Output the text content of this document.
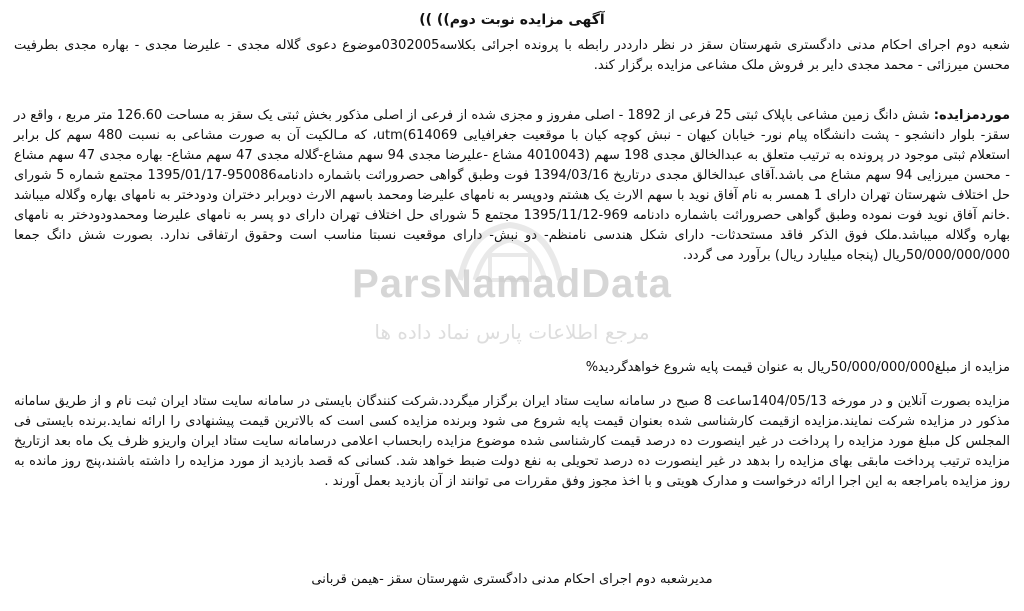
آگهی مزایده نوبت دوم)) ))
شعبه دوم اجرای احکام مدنی دادگستری شهرستان سقز در نظر دارددر رابطه با پرونده اجرائی بکلاسه0302005موضوع دعوی گلاله مجدی - علیرضا مجدی - بهاره مجدی بطرفیت محسن میرزائی - محمد مجدی دایر بر فروش ملک مشاعی مزایده برگزار کند.
موردمزایده: شش دانگ زمین مشاعی باپلاک ثبتی 25 فرعی از 1892 - اصلی مفروز و مجزی شده از فرعی از اصلی مذکور بخش ثبتی یک سقز به مساحت 126.60 متر مربع ، واقع در سقز- بلوار دانشجو - پشت دانشگاه پیام نور- خیابان کیهان - نبش کوچه کیان با موقعیت جغرافیایی utm(614069، که مـالکیت آن به صورت مشاعی به نسبت 480 سهم کل برابر استعلام ثبتی موجود در پرونده به ترتیب متعلق به عبدالخالق مجدی 198 سهم (4010043 مشاع -علیرضا مجدی 94 سهم مشاع-گلاله مجدی 47 سهم مشاع- بهاره مجدی 47 سهم مشاع - محسن میرزایی 94 سهم مشاع می باشد.آقای عبدالخالق مجدی درتاریخ 1394/03/16 فوت وطبق گواهی حصروراثت باشماره دادنامه950086-1395/01/17 مجتمع شماره 5 شورای حل اختلاف شهرستان تهران دارای 1 همسر به نام آفاق نوید با سهم الارث یک هشتم ودوپسر به نامهای علیرضا ومحمد باسهم الارث دوبرابر دختران ودودختر به نامهای بهاره وگلاله میباشد .خانم آفاق نوید فوت نموده وطبق گواهی حصروراثت باشماره دادنامه 969-1395/11/12 مجتمع 5 شورای حل اختلاف تهران دارای دو پسر به نامهای علیرضا ومحمدودودختر به نامهای بهاره وگلاله میباشد.ملک فوق الذکر فاقد مستحدثات- دارای شکل هندسی نامنظم- دو نبش- دارای موقعیت نسبتا مناسب است وحقوق ارتفاقی ندارد. بصورت شش دانگ جمعا 50/000/000/000ریال (پنجاه میلیارد ریال) برآورد می گردد.
مزایده از مبلغ50/000/000/000ریال به عنوان قیمت پایه شروع خواهدگردید%
مزایده بصورت آنلاین و در مورخه 1404/05/13ساعت 8 صبح در سامانه سایت ستاد ایران برگزار میگردد.شرکت کنندگان بایستی در سامانه سایت ستاد ایران ثبت نام و از طریق سامانه مذکور در مزایده شرکت نمایند.مزایده ازقیمت کارشناسی شده بعنوان قیمت پایه شروع می شود وبرنده مزایده کسی است که بالاترین قیمت پیشنهادی را ارائه نماید.برنده بایستی فی المجلس کل مبلغ مورد مزایده را پرداخت در غیر اینصورت ده درصد قیمت کارشناسی شده موضوع مزایده رابحساب اعلامی درسامانه سایت ستاد ایران واریزو ظرف یک ماه بعد ازتاریخ مزایده ترتیب پرداخت مابقی بهای مزایده را بدهد در غیر اینصورت ده درصد تحویلی به نفع دولت ضبط خواهد شد. کسانی که قصد بازدید از مورد مزایده را داشته باشند،پنج روز مانده به روز مزایده بامراجعه به این اجرا ارائه درخواست و مدارک هویتی و با اخذ مجوز وفق مقررات می توانند از آن بازدید بعمل آورند .
مدیرشعبه دوم اجرای احکام مدنی دادگستری شهرستان سقز -هیمن قربانی
ParsNamadData
مرجع اطلاعات پارس نماد داده ها
